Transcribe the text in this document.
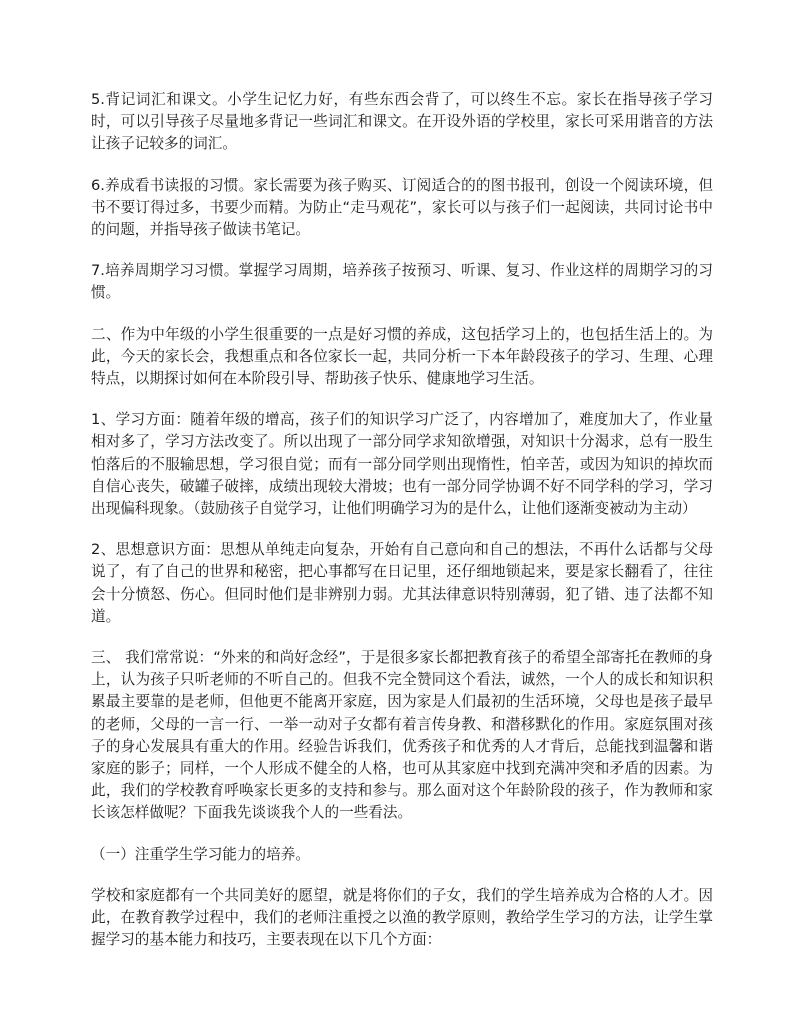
5.背记词汇和课文。小学生记忆力好，有些东西会背了，可以终生不忘。家长在指导孩子学习时，可以引导孩子尽量地多背记一些词汇和课文。在开设外语的学校里，家长可采用谐音的方法让孩子记较多的词汇。

6.养成看书读报的习惯。家长需要为孩子购买、订阅适合的的图书报刊，创设一个阅读环境，但书不要订得过多，书要少而精。为防止“走马观花”，家长可以与孩子们一起阅读，共同讨论书中的问题，并指导孩子做读书笔记。

7.培养周期学习习惯。掌握学习周期，培养孩子按预习、听课、复习、作业这样的周期学习的习惯。

二、作为中年级的小学生很重要的一点是好习惯的养成，这包括学习上的，也包括生活上的。为此，今天的家长会，我想重点和各位家长一起，共同分析一下本年龄段孩子的学习、生理、心理特点，以期探讨如何在本阶段引导、帮助孩子快乐、健康地学习生活。

1、学习方面：随着年级的增高，孩子们的知识学习广泛了，内容增加了，难度加大了，作业量相对多了，学习方法改变了。所以出现了一部分同学求知欲增强，对知识十分渴求，总有一股生怕落后的不服输思想，学习很自觉；而有一部分同学则出现惰性，怕辛苦，或因为知识的掉坎而自信心丧失，破罐子破摔，成绩出现较大滑坡；也有一部分同学协调不好不同学科的学习，学习出现偏科现象。（鼓励孩子自觉学习，让他们明确学习为的是什么，让他们逐渐变被动为主动）

2、思想意识方面：思想从单纯走向复杂，开始有自己意向和自己的想法，不再什么话都与父母说了，有了自己的世界和秘密，把心事都写在日记里，还仔细地锁起来，要是家长翻看了，往往会十分愤怒、伤心。但同时他们是非辨别力弱。尤其法律意识特别薄弱，犯了错、违了法都不知道。

三、 我们常常说：“外来的和尚好念经”，于是很多家长都把教育孩子的希望全部寄托在教师的身上，认为孩子只听老师的不听自己的。但我不完全赞同这个看法，诚然，一个人的成长和知识积累最主要靠的是老师，但他更不能离开家庭，因为家是人们最初的生活环境，父母也是孩子最早的老师，父母的一言一行、一举一动对子女都有着言传身教、和潜移默化的作用。家庭氛围对孩子的身心发展具有重大的作用。经验告诉我们，优秀孩子和优秀的人才背后，总能找到温馨和谐家庭的影子；同样，一个人形成不健全的人格，也可从其家庭中找到充满冲突和矛盾的因素。为此，我们的学校教育呼唤家长更多的支持和参与。那么面对这个年龄阶段的孩子，作为教师和家长该怎样做呢？下面我先谈谈我个人的一些看法。

（一）注重学生学习能力的培养。

学校和家庭都有一个共同美好的愿望，就是将你们的子女，我们的学生培养成为合格的人才。因此，在教育教学过程中，我们的老师注重授之以渔的教学原则，教给学生学习的方法，让学生掌握学习的基本能力和技巧，主要表现在以下几个方面：
